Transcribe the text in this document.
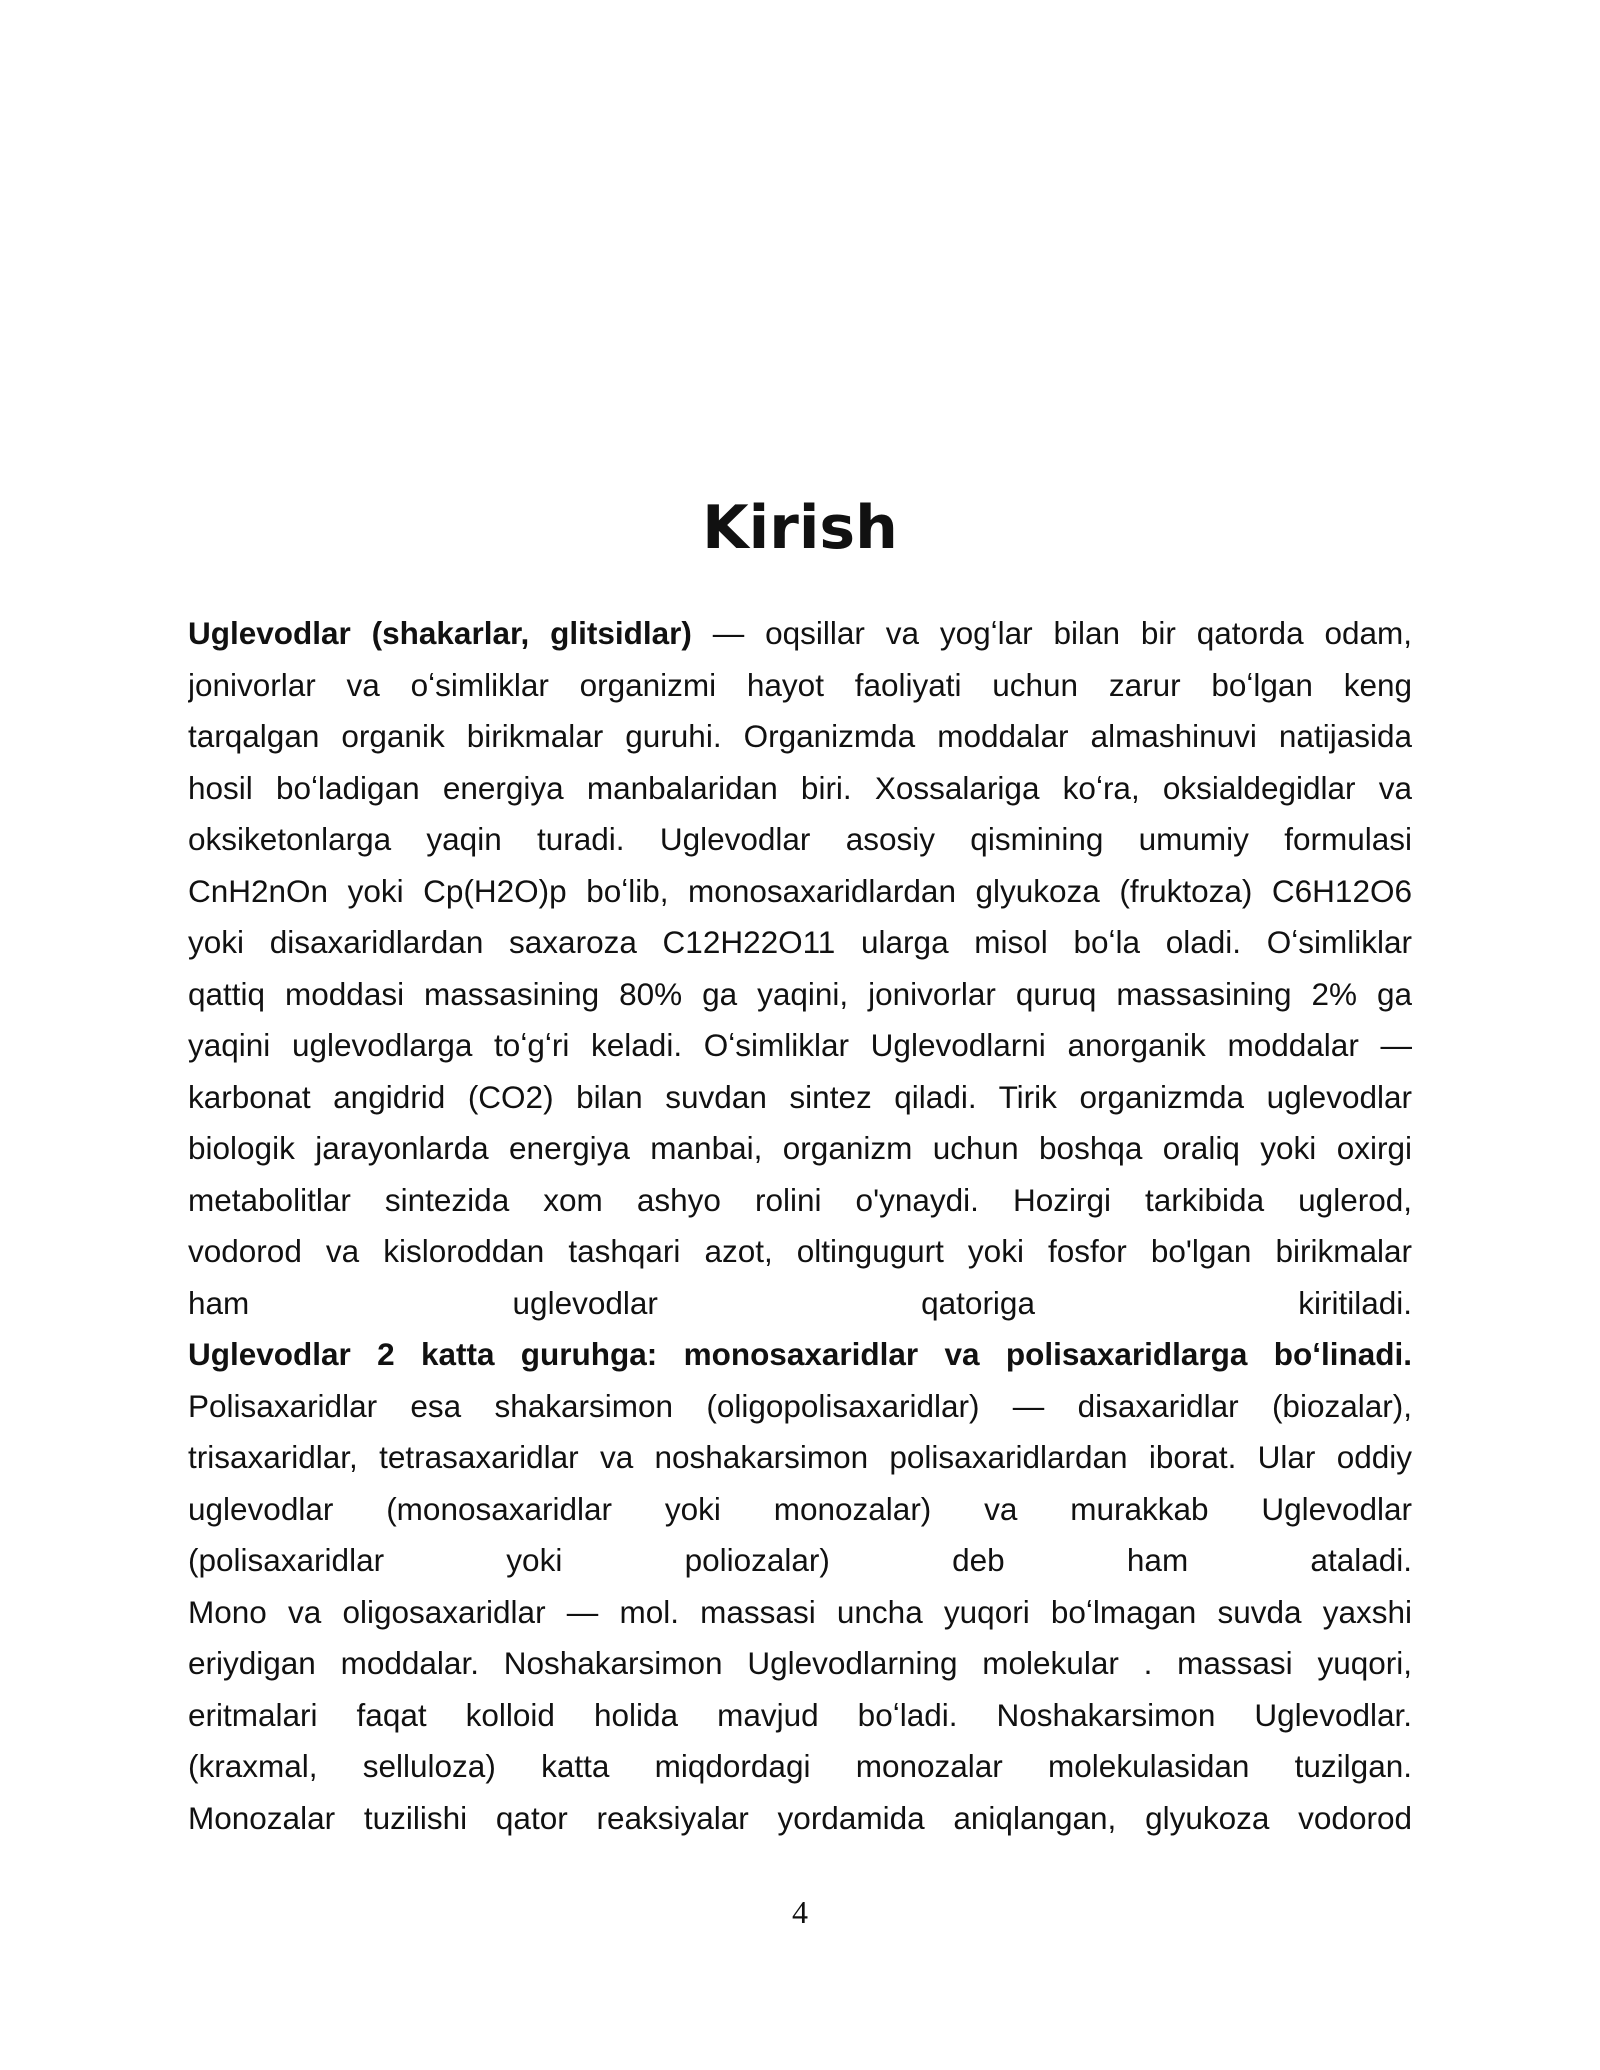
Kirish
Uglevodlar (shakarlar, glitsidlar) — oqsillar va yogʻlar bilan bir qatorda odam,
jonivorlar va oʻsimliklar organizmi hayot faoliyati uchun zarur boʻlgan keng
tarqalgan organik birikmalar guruhi. Organizmda moddalar almashinuvi natijasida
hosil boʻladigan energiya manbalaridan biri. Xossalariga koʻra, oksialdegidlar va
oksiketonlarga yaqin turadi. Uglevodlar asosiy qismining umumiy formulasi
CnH2nOn yoki Cp(H2O)p boʻlib, monosaxaridlardan glyukoza (fruktoza) C6H12O6
yoki disaxaridlardan saxaroza C12H22O11 ularga misol boʻla oladi. Oʻsimliklar
qattiq moddasi massasining 80% ga yaqini, jonivorlar quruq massasining 2% ga
yaqini uglevodlarga toʻgʻri keladi. Oʻsimliklar Uglevodlarni anorganik moddalar —
karbonat angidrid (CO2) bilan suvdan sintez qiladi. Tirik organizmda uglevodlar
biologik jarayonlarda energiya manbai, organizm uchun boshqa oraliq yoki oxirgi
metabolitlar sintezida xom ashyo rolini o'ynaydi. Hozirgi tarkibida uglerod,
vodorod va kisloroddan tashqari azot, oltingugurt yoki fosfor bo'lgan birikmalar
ham uglevodlar qatoriga kiritiladi.
Uglevodlar 2 katta guruhga: monosaxaridlar va polisaxaridlarga boʻlinadi.
Polisaxaridlar esa shakarsimon (oligopolisaxaridlar) — disaxaridlar (biozalar),
trisaxaridlar, tetrasaxaridlar va noshakarsimon polisaxaridlardan iborat. Ular oddiy
uglevodlar (monosaxaridlar yoki monozalar) va murakkab Uglevodlar
(polisaxaridlar yoki poliozalar) deb ham ataladi.
Mono va oligosaxaridlar — mol. massasi uncha yuqori boʻlmagan suvda yaxshi
eriydigan moddalar. Noshakarsimon Uglevodlarning molekular . massasi yuqori,
eritmalari faqat kolloid holida mavjud boʻladi. Noshakarsimon Uglevodlar.
(kraxmal, selluloza) katta miqdordagi monozalar molekulasidan tuzilgan.
Monozalar tuzilishi qator reaksiyalar yordamida aniqlangan, glyukoza vodorod
4
